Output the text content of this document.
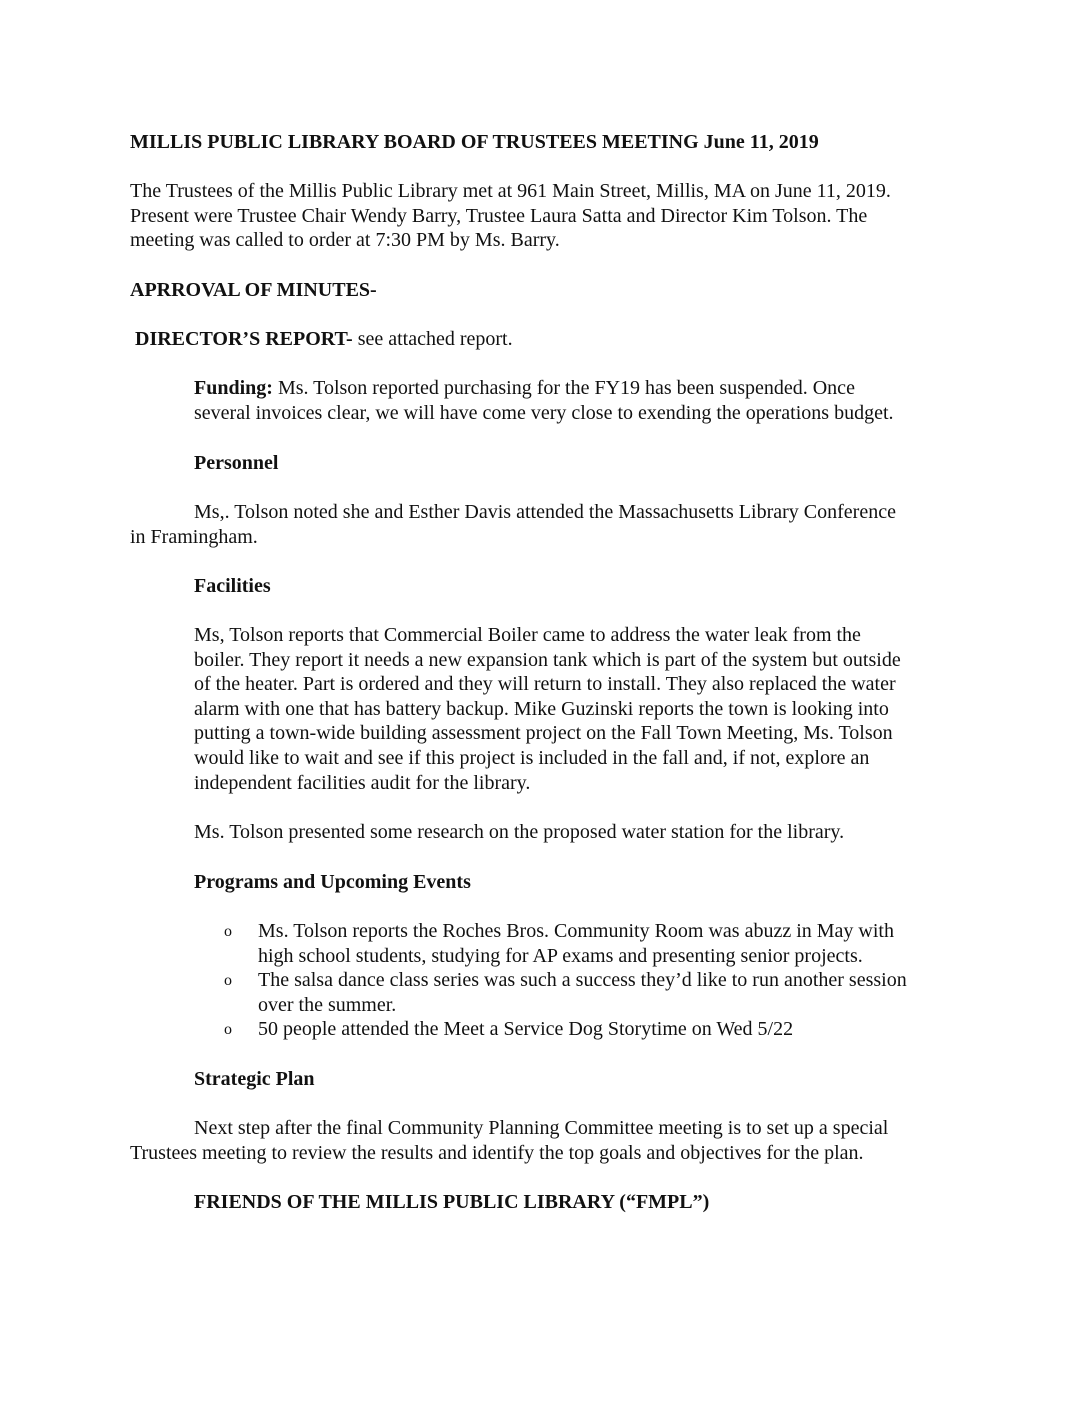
MILLIS PUBLIC LIBRARY BOARD OF TRUSTEES MEETING June 11, 2019

The Trustees of the Millis Public Library met at 961 Main Street, Millis, MA on June 11, 2019.
Present were Trustee Chair Wendy Barry, Trustee Laura Satta and Director Kim Tolson. The
meeting was called to order at 7:30 PM by Ms. Barry.

APRROVAL OF MINUTES-

DIRECTOR’S REPORT- see attached report.

Funding: Ms. Tolson reported purchasing for the FY19 has been suspended. Once
several invoices clear, we will have come very close to exending the operations budget.

Personnel

Ms,. Tolson noted she and Esther Davis attended the Massachusetts Library Conference
in Framingham.

Facilities

Ms, Tolson reports that Commercial Boiler came to address the water leak from the
boiler. They report it needs a new expansion tank which is part of the system but outside
of the heater. Part is ordered and they will return to install. They also replaced the water
alarm with one that has battery backup. Mike Guzinski reports the town is looking into
putting a town-wide building assessment project on the Fall Town Meeting, Ms. Tolson
would like to wait and see if this project is included in the fall and, if not, explore an
independent facilities audit for the library.

Ms. Tolson presented some research on the proposed water station for the library.

Programs and Upcoming Events

o Ms. Tolson reports the Roches Bros. Community Room was abuzz in May with
high school students, studying for AP exams and presenting senior projects.
o The salsa dance class series was such a success they’d like to run another session
over the summer.
o 50 people attended the Meet a Service Dog Storytime on Wed 5/22

Strategic Plan

Next step after the final Community Planning Committee meeting is to set up a special
Trustees meeting to review the results and identify the top goals and objectives for the plan.

FRIENDS OF THE MILLIS PUBLIC LIBRARY (“FMPL”)
